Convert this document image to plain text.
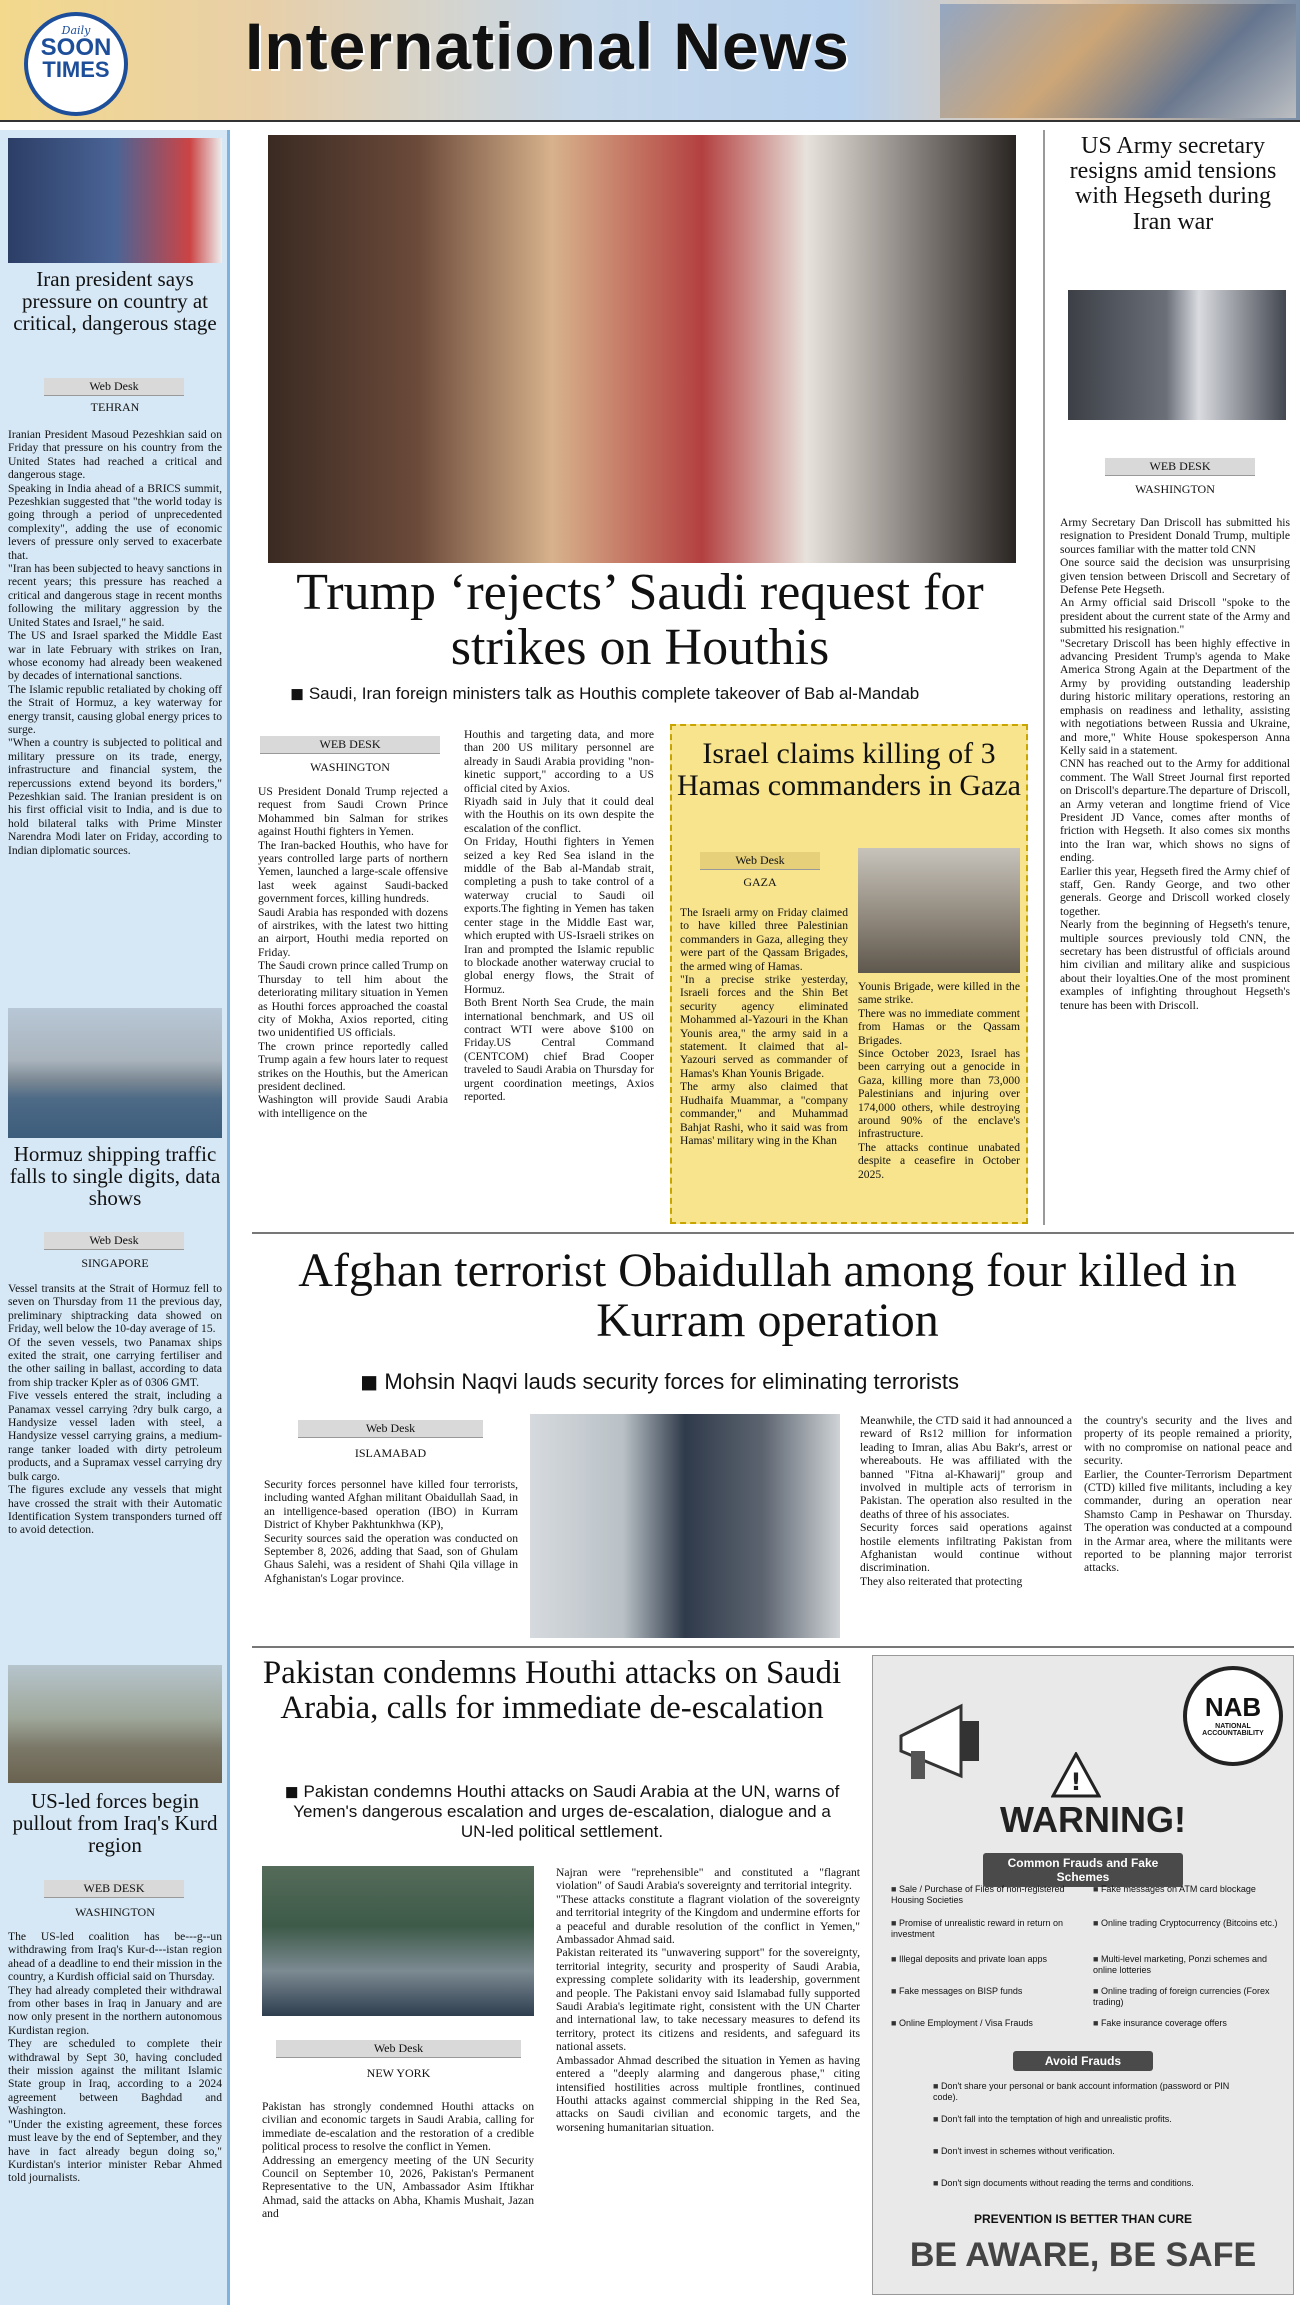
Daily
SOON
TIMES International News
Iran president says pressure on country at critical, dangerous stage
Web Desk
TEHRAN

Iranian President Masoud Pezeshkian said on Friday that pressure on his country from the United States had reached a critical and dangerous stage.
Speaking in India ahead of a BRICS summit, Pezeshkian suggested that "the world today is going through a period of unprecedented complexity", adding the use of economic levers of pressure only served to exacerbate that.
"Iran has been subjected to heavy sanctions in recent years; this pressure has reached a critical and dangerous stage in recent months following the military aggression by the United States and Israel," he said.
The US and Israel sparked the Middle East war in late February with strikes on Iran, whose economy had already been weakened by decades of international sanctions.
The Islamic republic retaliated by choking off the Strait of Hormuz, a key waterway for energy transit, causing global energy prices to surge.
"When a country is subjected to political and military pressure on its trade, energy, infrastructure and financial system, the repercussions extend beyond its borders," Pezeshkian said. The Iranian president is on his first official visit to India, and is due to hold bilateral talks with Prime Minster Narendra Modi later on Friday, according to Indian diplomatic sources.

Hormuz shipping traffic falls to single digits, data shows
Web Desk
SINGAPORE

Vessel transits at the Strait of Hormuz fell to seven on Thursday from 11 the previous day, preliminary shiptracking data showed on Friday, well below the 10-day average of 15.
Of the seven vessels, two Panamax ships exited the strait, one carrying fertiliser and the other sailing in ballast, according to data from ship tracker Kpler as of 0306 GMT.
Five vessels entered the strait, including a Panamax vessel carrying ?dry bulk cargo, a Handysize vessel laden with steel, a Handysize vessel carrying grains, a medium-range tanker loaded with dirty petroleum products, and a Supramax vessel carrying dry bulk cargo.
The figures exclude any vessels that might have crossed the strait with their Automatic Identification System transponders turned off to avoid detection.

US-led forces begin pullout from Iraq's Kurd region
WEB DESK
WASHINGTON

The US-led coalition has be---g--un withdrawing from Iraq's Kur-d---istan region ahead of a deadline to end their mission in the country, a Kurdish official said on Thursday.
They had already completed their withdrawal from other bases in Iraq in January and are now only present in the northern autonomous Kurdistan region.
They are scheduled to complete their withdrawal by Sept 30, having concluded their mission against the militant Islamic State group in Iraq, according to a 2024 agreement between Baghdad and Washington.
"Under the existing agreement, these forces must leave by the end of September, and they have in fact already begun doing so," Kurdistan's interior minister Rebar Ahmed told journalists.

Trump ‘rejects’ Saudi request for strikes on Houthis
◼ Saudi, Iran foreign ministers talk as Houthis complete takeover of Bab al-Mandab
WEB DESK
WASHINGTON

US President Donald Trump rejected a request from Saudi Crown Prince Mohammed bin Salman for strikes against Houthi fighters in Yemen.
The Iran-backed Houthis, who have for years controlled large parts of northern Yemen, launched a large-scale offensive last week against Saudi-backed government forces, killing hundreds.
Saudi Arabia has responded with dozens of airstrikes, with the latest two hitting an airport, Houthi media reported on Friday.
The Saudi crown prince called Trump on Thursday to tell him about the deteriorating military situation in Yemen as Houthi forces approached the coastal city of Mokha, Axios reported, citing two unidentified US officials.
The crown prince reportedly called Trump again a few hours later to request strikes on the Houthis, but the American president declined.
Washington will provide Saudi Arabia with intelligence on the

Houthis and targeting data, and more than 200 US military personnel are already in Saudi Arabia providing "non-kinetic support," according to a US official cited by Axios.
Riyadh said in July that it could deal with the Houthis on its own despite the escalation of the conflict.
On Friday, Houthi fighters in Yemen seized a key Red Sea island in the middle of the Bab al-Mandab strait, completing a push to take control of a waterway crucial to Saudi oil exports.The fighting in Yemen has taken center stage in the Middle East war, which erupted with US-Israeli strikes on Iran and prompted the Islamic republic to blockade another waterway crucial to global energy flows, the Strait of Hormuz.
Both Brent North Sea Crude, the main international benchmark, and US oil contract WTI were above $100 on Friday.US Central Command (CENTCOM) chief Brad Cooper traveled to Saudi Arabia on Thursday for urgent coordination meetings, Axios reported.

Israel claims killing of 3 Hamas commanders in Gaza
Web Desk
GAZA

The Israeli army on Friday claimed to have killed three Palestinian commanders in Gaza, alleging they were part of the Qassam Brigades, the armed wing of Hamas.
"In a precise strike yesterday, Israeli forces and the Shin Bet security agency eliminated Mohammed al-Yazouri in the Khan Younis area," the army said in a statement. It claimed that al-Yazouri served as commander of Hamas's Khan Younis Brigade.
The army also claimed that Hudhaifa Muammar, a "company commander," and Muhammad Bahjat Rashi, who it said was from Hamas' military wing in the Khan

Younis Brigade, were killed in the same strike.
There was no immediate comment from Hamas or the Qassam Brigades.
Since October 2023, Israel has been carrying out a genocide in Gaza, killing more than 73,000 Palestinians and injuring over 174,000 others, while destroying around 90% of the enclave's infrastructure.
The attacks continue unabated despite a ceasefire in October 2025.

US Army secretary resigns amid tensions with Hegseth during Iran war
WEB DESK
WASHINGTON

Army Secretary Dan Driscoll has submitted his resignation to President Donald Trump, multiple sources familiar with the matter told CNN
One source said the decision was unsurprising given tension between Driscoll and Secretary of Defense Pete Hegseth.
An Army official said Driscoll "spoke to the president about the current state of the Army and submitted his resignation."
"Secretary Driscoll has been highly effective in advancing President Trump's agenda to Make America Strong Again at the Department of the Army by providing outstanding leadership during historic military operations, restoring an emphasis on readiness and lethality, assisting with negotiations between Russia and Ukraine, and more," White House spokesperson Anna Kelly said in a statement.
CNN has reached out to the Army for additional comment. The Wall Street Journal first reported on Driscoll's departure.The departure of Driscoll, an Army veteran and longtime friend of Vice President JD Vance, comes after months of friction with Hegseth. It also comes six months into the Iran war, which shows no signs of ending.
Earlier this year, Hegseth fired the Army chief of staff, Gen. Randy George, and two other generals. George and Driscoll worked closely together.
Nearly from the beginning of Hegseth's tenure, multiple sources previously told CNN, the secretary has been distrustful of officials around him civilian and military alike and suspicious about their loyalties.One of the most prominent examples of infighting throughout Hegseth's tenure has been with Driscoll.

Afghan terrorist Obaidullah among four killed in Kurram operation
◼ Mohsin Naqvi lauds security forces for eliminating terrorists
Web Desk
ISLAMABAD

Security forces personnel have killed four terrorists, including wanted Afghan militant Obaidullah Saad, in an intelligence-based operation (IBO) in Kurram District of Khyber Pakhtunkhwa (KP),
Security sources said the operation was conducted on September 8, 2026, adding that Saad, son of Ghulam Ghaus Salehi, was a resident of Shahi Qila village in Afghanistan's Logar province.

Meanwhile, the CTD said it had announced a reward of Rs12 million for information leading to Imran, alias Abu Bakr's, arrest or whereabouts. He was affiliated with the banned "Fitna al-Khawarij" group and involved in multiple acts of terrorism in Pakistan. The operation also resulted in the deaths of three of his associates.
Security forces said operations against hostile elements infiltrating Pakistan from Afghanistan would continue without discrimination.
They also reiterated that protecting

the country's security and the lives and property of its people remained a priority, with no compromise on national peace and security.
Earlier, the Counter-Terrorism Department (CTD) killed five militants, including a key commander, during an operation near Shamsto Camp in Peshawar on Thursday. The operation was conducted at a compound in the Armar area, where the militants were reported to be planning major terrorist attacks.

Pakistan condemns Houthi attacks on Saudi Arabia, calls for immediate de-escalation
◼ Pakistan condemns Houthi attacks on Saudi Arabia at the UN, warns of Yemen's dangerous escalation and urges de-escalation, dialogue and a UN-led political settlement.
Web Desk
NEW YORK

Pakistan has strongly condemned Houthi attacks on civilian and economic targets in Saudi Arabia, calling for immediate de-escalation and the restoration of a credible political process to resolve the conflict in Yemen.
Addressing an emergency meeting of the UN Security Council on September 10, 2026, Pakistan's Permanent Representative to the UN, Ambassador Asim Iftikhar Ahmad, said the attacks on Abha, Khamis Mushait, Jazan and

Najran were "reprehensible" and constituted a "flagrant violation" of Saudi Arabia's sovereignty and territorial integrity.
"These attacks constitute a flagrant violation of the sovereignty and territorial integrity of the Kingdom and undermine efforts for a peaceful and durable resolution of the conflict in Yemen," Ambassador Ahmad said.
Pakistan reiterated its "unwavering support" for the sovereignty, territorial integrity, security and prosperity of Saudi Arabia, expressing complete solidarity with its leadership, government and people. The Pakistani envoy said Islamabad fully supported Saudi Arabia's legitimate right, consistent with the UN Charter and international law, to take necessary measures to defend its territory, protect its citizens and residents, and safeguard its national assets.
Ambassador Ahmad described the situation in Yemen as having entered a "deeply alarming and dangerous phase," citing intensified hostilities across multiple frontlines, continued Houthi attacks against commercial shipping in the Red Sea, attacks on Saudi civilian and economic targets, and the worsening humanitarian situation.

!
NAB
NATIONAL ACCOUNTABILITY
WARNING!
Common Frauds and Fake Schemes
■ Sale / Purchase of Files of non-registered Housing Societies
■ Promise of unrealistic reward in return on investment
■ Illegal deposits and private loan apps
■ Fake messages on BISP funds
■ Online Employment / Visa Frauds
■ Fake messages on ATM card blockage
■ Online trading Cryptocurrency (Bitcoins etc.)
■ Multi-level marketing, Ponzi schemes and online lotteries
■ Online trading of foreign currencies (Forex trading)
■ Fake insurance coverage offers
Avoid Frauds
■ Don't share your personal or bank account information (password or PIN code).
■ Don't fall into the temptation of high and unrealistic profits.
■ Don't invest in schemes without verification.
■ Don't sign documents without reading the terms and conditions.
PREVENTION IS BETTER THAN CURE
BE AWARE, BE SAFE
